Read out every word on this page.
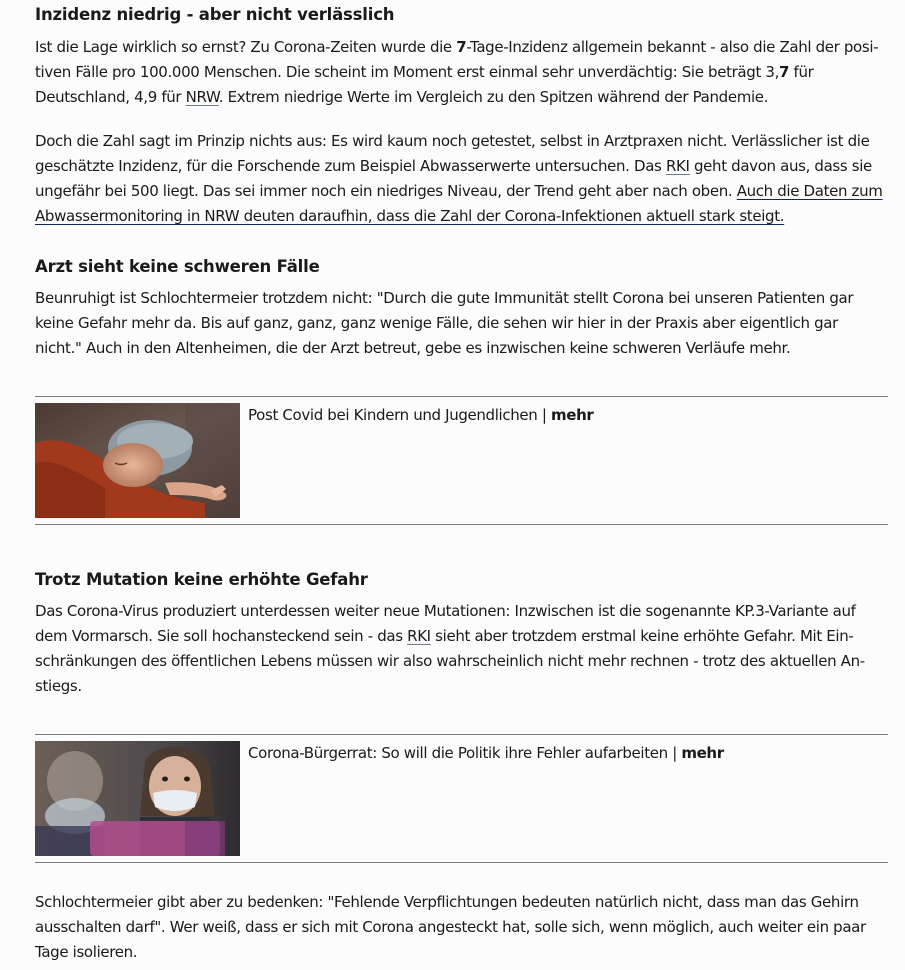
Inzidenz niedrig - aber nicht verlässlich

Ist die Lage wirklich so ernst? Zu Corona-Zeiten wurde die 7-Tage-Inzidenz allgemein bekannt - also die Zahl der posi-
tiven Fälle pro 100.000 Menschen. Die scheint im Moment erst einmal sehr unverdächtig: Sie beträgt 3,7 für
Deutschland, 4,9 für NRW. Extrem niedrige Werte im Vergleich zu den Spitzen während der Pandemie.

Doch die Zahl sagt im Prinzip nichts aus: Es wird kaum noch getestet, selbst in Arztpraxen nicht. Verlässlicher ist die
geschätzte Inzidenz, für die Forschende zum Beispiel Abwasserwerte untersuchen. Das RKI geht davon aus, dass sie
ungefähr bei 500 liegt. Das sei immer noch ein niedriges Niveau, der Trend geht aber nach oben. Auch die Daten zum
Abwassermonitoring in NRW deuten daraufhin, dass die Zahl der Corona-Infektionen aktuell stark steigt.

Arzt sieht keine schweren Fälle

Beunruhigt ist Schlochtermeier trotzdem nicht: "Durch die gute Immunität stellt Corona bei unseren Patienten gar
keine Gefahr mehr da. Bis auf ganz, ganz, ganz wenige Fälle, die sehen wir hier in der Praxis aber eigentlich gar
nicht." Auch in den Altenheimen, die der Arzt betreut, gebe es inzwischen keine schweren Verläufe mehr.

Post Covid bei Kindern und Jugendlichen | mehr
Trotz Mutation keine erhöhte Gefahr

Das Corona-Virus produziert unterdessen weiter neue Mutationen: Inzwischen ist die sogenannte KP.3-Variante auf
dem Vormarsch. Sie soll hochansteckend sein - das RKI sieht aber trotzdem erstmal keine erhöhte Gefahr. Mit Ein-
schränkungen des öffentlichen Lebens müssen wir also wahrscheinlich nicht mehr rechnen - trotz des aktuellen An-
stiegs.

Corona-Bürgerrat: So will die Politik ihre Fehler aufarbeiten | mehr

Schlochtermeier gibt aber zu bedenken: "Fehlende Verpflichtungen bedeuten natürlich nicht, dass man das Gehirn
ausschalten darf". Wer weiß, dass er sich mit Corona angesteckt hat, solle sich, wenn möglich, auch weiter ein paar
Tage isolieren.
